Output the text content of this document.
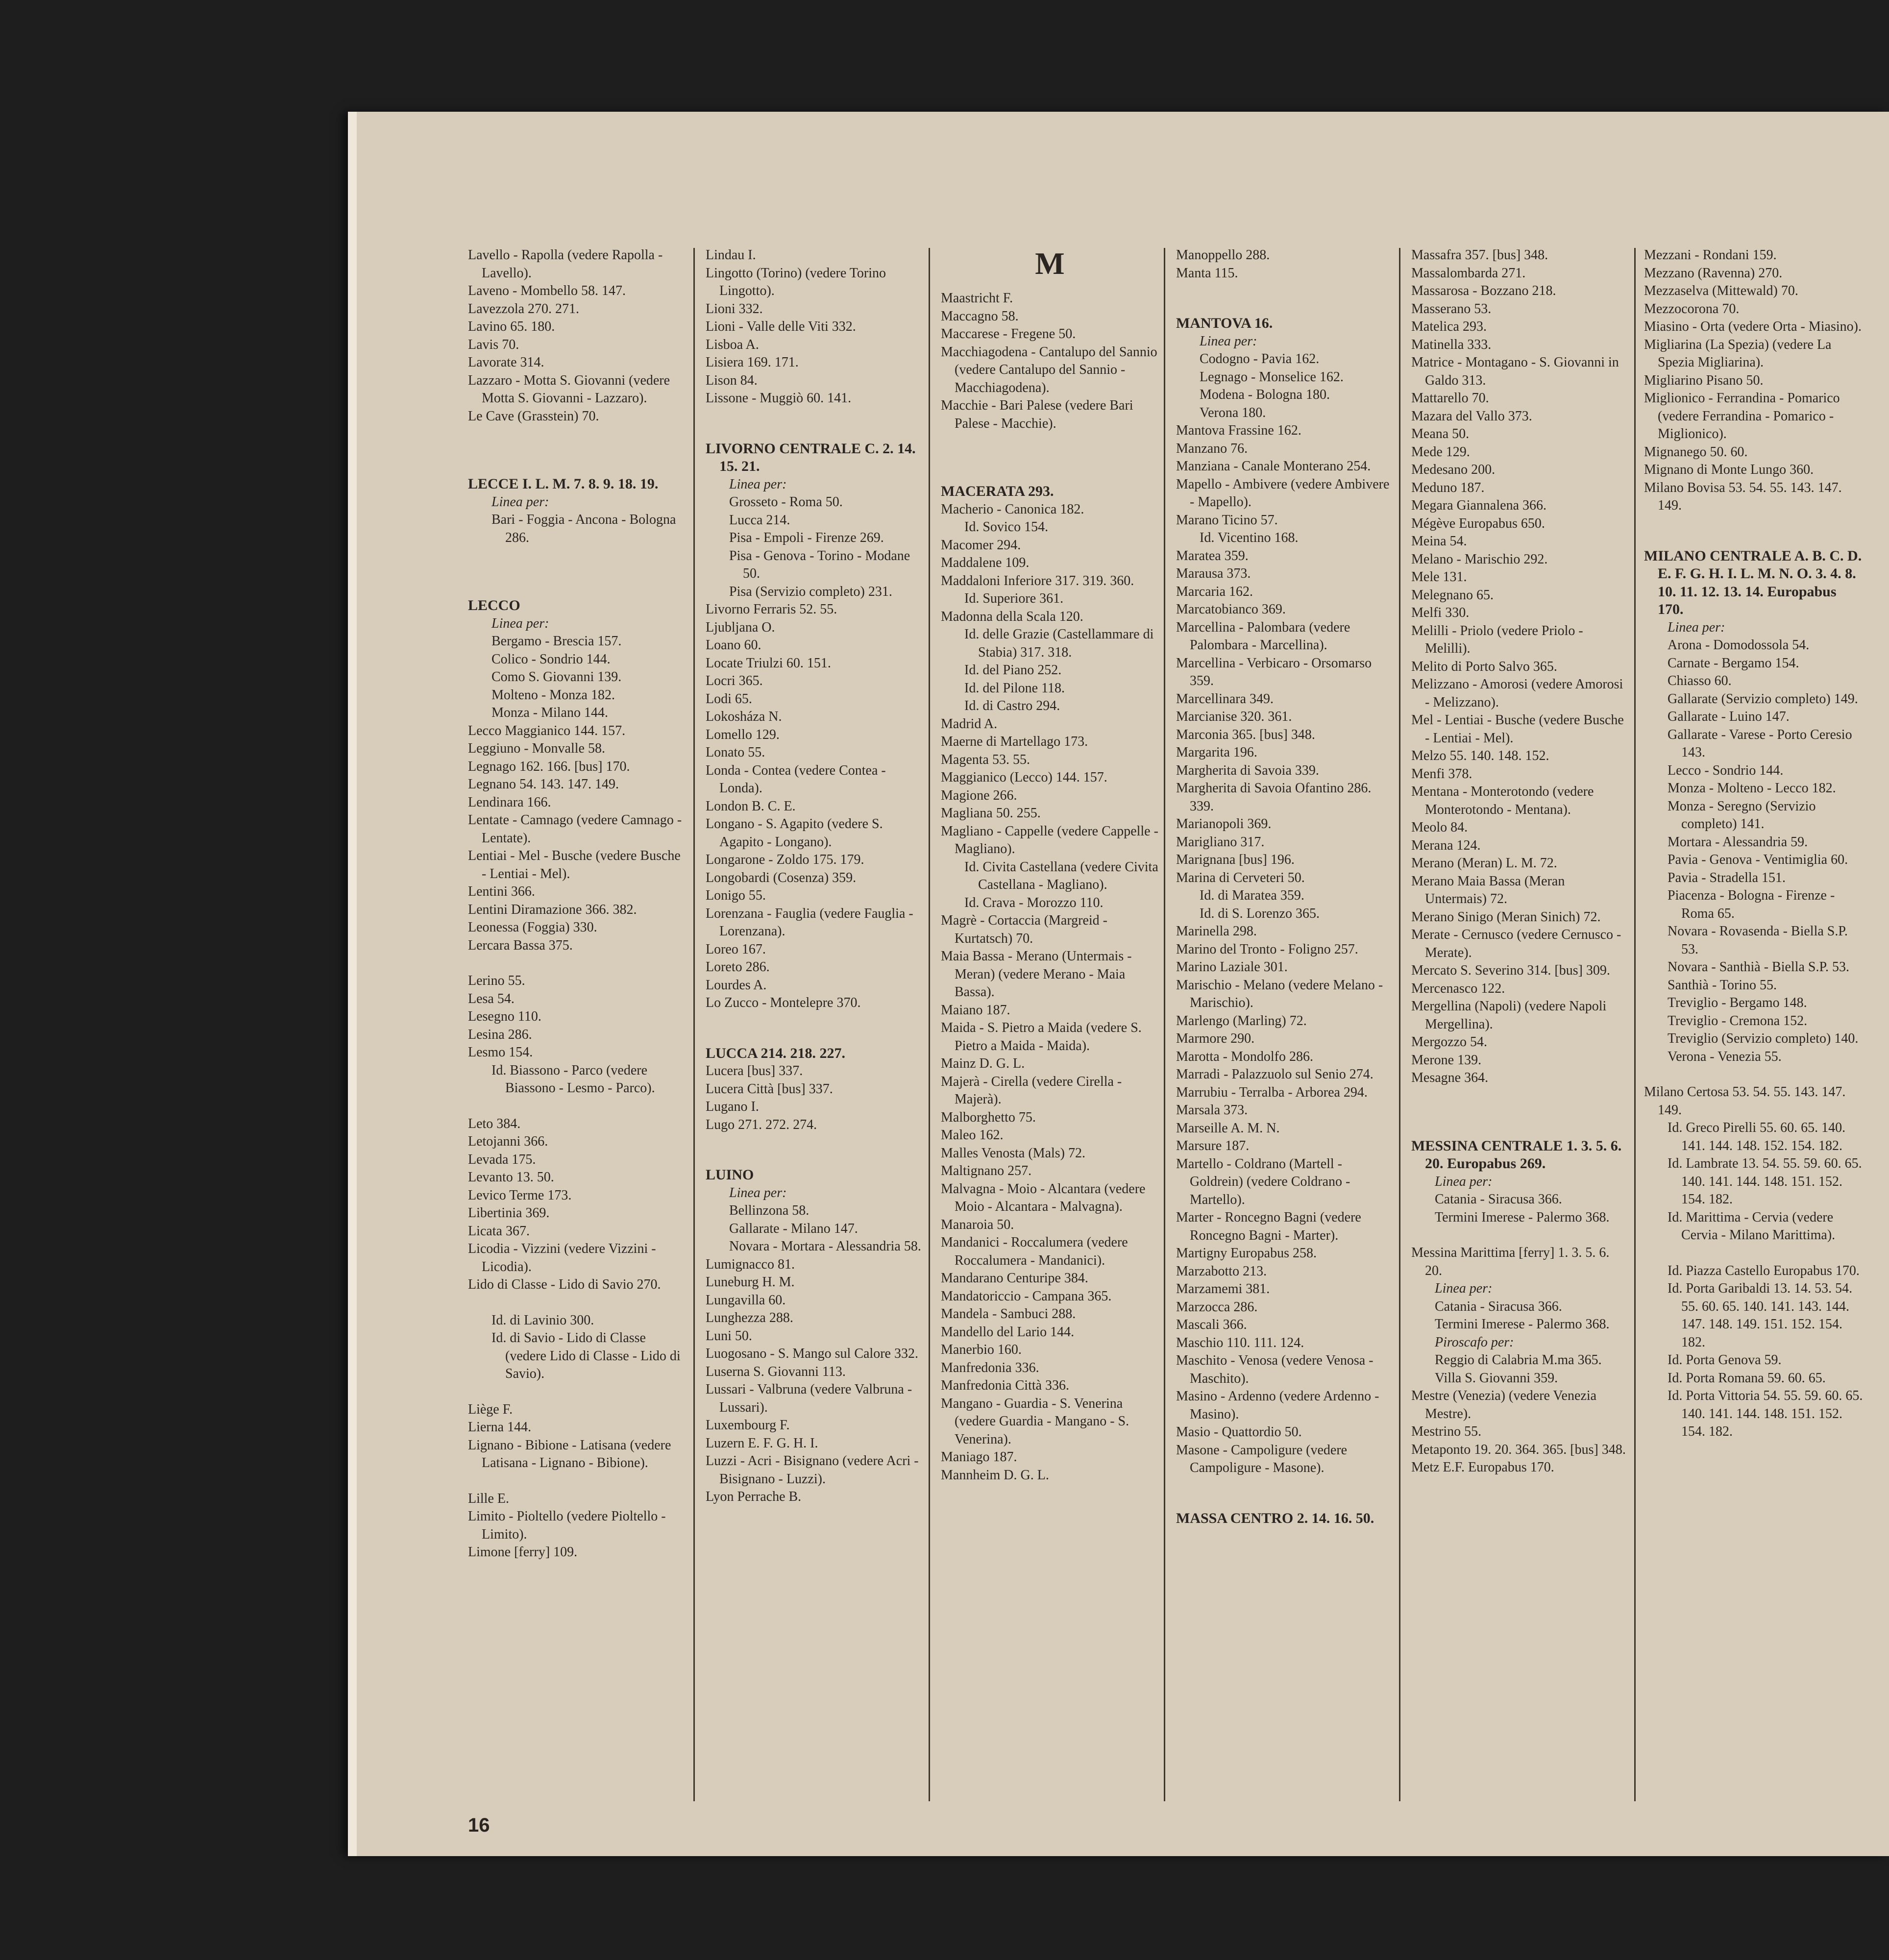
Lavello - Rapolla (vedere Rapolla - Lavello).
Laveno - Mombello 58. 147.
Lavezzola 270. 271.
Lavino 65. 180.
Lavis 70.
Lavorate 314.
Lazzaro - Motta S. Giovanni (vedere Motta S. Giovanni - Lazzaro).
Le Cave (Grasstein) 70.
LECCE I. L. M. 7. 8. 9. 18. 19.
Linea per:
Bari - Foggia - Ancona - Bologna 286.
LECCO
Linea per:
Bergamo - Brescia 157.
Colico - Sondrio 144.
Como S. Giovanni 139.
Molteno - Monza 182.
Monza - Milano 144.
Lecco Maggianico 144. 157.
Leggiuno - Monvalle 58.
Legnago 162. 166. [bus] 170.
Legnano 54. 143. 147. 149.
Lendinara 166.
Lentate - Camnago (vedere Camnago - Lentate).
Lentiai - Mel - Busche (vedere Busche - Lentiai - Mel).
Lentini 366.
Lentini Diramazione 366. 382.
Leonessa (Foggia) 330.
Lercara Bassa 375.
Lerino 55.
Lesa 54.
Lesegno 110.
Lesina 286.
Lesmo 154.
Id. Biassono - Parco (vedere Biassono - Lesmo - Parco).
Leto 384.
Letojanni 366.
Levada 175.
Levanto 13. 50.
Levico Terme 173.
Libertinia 369.
Licata 367.
Licodia - Vizzini (vedere Vizzini - Licodia).
Lido di Classe - Lido di Savio 270.
Id. di Lavinio 300.
Id. di Savio - Lido di Classe (vedere Lido di Classe - Lido di Savio).
Liège F.
Lierna 144.
Lignano - Bibione - Latisana (vedere Latisana - Lignano - Bibione).
Lille E.
Limito - Pioltello (vedere Pioltello - Limito).
Limone [ferry] 109.
Lindau I.
Lingotto (Torino) (vedere Torino Lingotto).
Lioni 332.
Lioni - Valle delle Viti 332.
Lisboa A.
Lisiera 169. 171.
Lison 84.
Lissone - Muggiò 60. 141.
LIVORNO CENTRALE C. 2. 14. 15. 21.
Linea per:
Grosseto - Roma 50.
Lucca 214.
Pisa - Empoli - Firenze 269.
Pisa - Genova - Torino - Modane 50.
Pisa (Servizio completo) 231.
Livorno Ferraris 52. 55.
Ljubljana O.
Loano 60.
Locate Triulzi 60. 151.
Locri 365.
Lodi 65.
Lokosháza N.
Lomello 129.
Lonato 55.
Londa - Contea (vedere Contea - Londa).
London B. C. E.
Longano - S. Agapito (vedere S. Agapito - Longano).
Longarone - Zoldo 175. 179.
Longobardi (Cosenza) 359.
Lonigo 55.
Lorenzana - Fauglia (vedere Fauglia - Lorenzana).
Loreo 167.
Loreto 286.
Lourdes A.
Lo Zucco - Montelepre 370.
LUCCA 214. 218. 227.
Lucera [bus] 337.
Lucera Città [bus] 337.
Lugano I.
Lugo 271. 272. 274.
LUINO
Linea per:
Bellinzona 58.
Gallarate - Milano 147.
Novara - Mortara - Alessandria 58.
Lumignacco 81.
Luneburg H. M.
Lungavilla 60.
Lunghezza 288.
Luni 50.
Luogosano - S. Mango sul Calore 332.
Luserna S. Giovanni 113.
Lussari - Valbruna (vedere Valbruna - Lussari).
Luxembourg F.
Luzern E. F. G. H. I.
Luzzi - Acri - Bisignano (vedere Acri - Bisignano - Luzzi).
Lyon Perrache B.
M
Maastricht F.
Maccagno 58.
Maccarese - Fregene 50.
Macchiagodena - Cantalupo del Sannio (vedere Cantalupo del Sannio - Macchiagodena).
Macchie - Bari Palese (vedere Bari Palese - Macchie).
MACERATA 293.
Macherio - Canonica 182.
Id. Sovico 154.
Macomer 294.
Maddalene 109.
Maddaloni Inferiore 317. 319. 360.
Id. Superiore 361.
Madonna della Scala 120.
Id. delle Grazie (Castellammare di Stabia) 317. 318.
Id. del Piano 252.
Id. del Pilone 118.
Id. di Castro 294.
Madrid A.
Maerne di Martellago 173.
Magenta 53. 55.
Maggianico (Lecco) 144. 157.
Magione 266.
Magliana 50. 255.
Magliano - Cappelle (vedere Cappelle - Magliano).
Id. Civita Castellana (vedere Civita Castellana - Magliano).
Id. Crava - Morozzo 110.
Magrè - Cortaccia (Margreid - Kurtatsch) 70.
Maia Bassa - Merano (Untermais - Meran) (vedere Merano - Maia Bassa).
Maiano 187.
Maida - S. Pietro a Maida (vedere S. Pietro a Maida - Maida).
Mainz D. G. L.
Majerà - Cirella (vedere Cirella - Majerà).
Malborghetto 75.
Maleo 162.
Malles Venosta (Mals) 72.
Maltignano 257.
Malvagna - Moio - Alcantara (vedere Moio - Alcantara - Malvagna).
Manaroia 50.
Mandanici - Roccalumera (vedere Roccalumera - Mandanici).
Mandarano Centuripe 384.
Mandatoriccio - Campana 365.
Mandela - Sambuci 288.
Mandello del Lario 144.
Manerbio 160.
Manfredonia 336.
Manfredonia Città 336.
Mangano - Guardia - S. Venerina (vedere Guardia - Mangano - S. Venerina).
Maniago 187.
Mannheim D. G. L.
Manoppello 288.
Manta 115.
MANTOVA 16.
Linea per:
Codogno - Pavia 162.
Legnago - Monselice 162.
Modena - Bologna 180.
Verona 180.
Mantova Frassine 162.
Manzano 76.
Manziana - Canale Monterano 254.
Mapello - Ambivere (vedere Ambivere - Mapello).
Marano Ticino 57.
Id. Vicentino 168.
Maratea 359.
Marausa 373.
Marcaria 162.
Marcatobianco 369.
Marcellina - Palombara (vedere Palombara - Marcellina).
Marcellina - Verbicaro - Orsomarso 359.
Marcellinara 349.
Marcianise 320. 361.
Marconia 365. [bus] 348.
Margarita 196.
Margherita di Savoia 339.
Margherita di Savoia Ofantino 286. 339.
Marianopoli 369.
Marigliano 317.
Marignana [bus] 196.
Marina di Cerveteri 50.
Id. di Maratea 359.
Id. di S. Lorenzo 365.
Marinella 298.
Marino del Tronto - Foligno 257.
Marino Laziale 301.
Marischio - Melano (vedere Melano - Marischio).
Marlengo (Marling) 72.
Marmore 290.
Marotta - Mondolfo 286.
Marradi - Palazzuolo sul Senio 274.
Marrubiu - Terralba - Arborea 294.
Marsala 373.
Marseille A. M. N.
Marsure 187.
Martello - Coldrano (Martell - Goldrein) (vedere Coldrano - Martello).
Marter - Roncegno Bagni (vedere Roncegno Bagni - Marter).
Martigny Europabus 258.
Marzabotto 213.
Marzamemi 381.
Marzocca 286.
Mascali 366.
Maschio 110. 111. 124.
Maschito - Venosa (vedere Venosa - Maschito).
Masino - Ardenno (vedere Ardenno - Masino).
Masio - Quattordio 50.
Masone - Campoligure (vedere Campoligure - Masone).
MASSA CENTRO 2. 14. 16. 50.
Massafra 357. [bus] 348.
Massalombarda 271.
Massarosa - Bozzano 218.
Masserano 53.
Matelica 293.
Matinella 333.
Matrice - Montagano - S. Giovanni in Galdo 313.
Mattarello 70.
Mazara del Vallo 373.
Meana 50.
Mede 129.
Medesano 200.
Meduno 187.
Megara Giannalena 366.
Mégève Europabus 650.
Meina 54.
Melano - Marischio 292.
Mele 131.
Melegnano 65.
Melfi 330.
Melilli - Priolo (vedere Priolo - Melilli).
Melito di Porto Salvo 365.
Melizzano - Amorosi (vedere Amorosi - Melizzano).
Mel - Lentiai - Busche (vedere Busche - Lentiai - Mel).
Melzo 55. 140. 148. 152.
Menfi 378.
Mentana - Monterotondo (vedere Monterotondo - Mentana).
Meolo 84.
Merana 124.
Merano (Meran) L. M. 72.
Merano Maia Bassa (Meran Untermais) 72.
Merano Sinigo (Meran Sinich) 72.
Merate - Cernusco (vedere Cernusco - Merate).
Mercato S. Severino 314. [bus] 309.
Mercenasco 122.
Mergellina (Napoli) (vedere Napoli Mergellina).
Mergozzo 54.
Merone 139.
Mesagne 364.
MESSINA CENTRALE 1. 3. 5. 6. 20. Europabus 269.
Linea per:
Catania - Siracusa 366.
Termini Imerese - Palermo 368.
Messina Marittima [ferry] 1. 3. 5. 6. 20.
Linea per:
Catania - Siracusa 366.
Termini Imerese - Palermo 368.
Piroscafo per:
Reggio di Calabria M.ma 365.
Villa S. Giovanni 359.
Mestre (Venezia) (vedere Venezia Mestre).
Mestrino 55.
Metaponto 19. 20. 364. 365. [bus] 348.
Metz E.F. Europabus 170.
Mezzani - Rondani 159.
Mezzano (Ravenna) 270.
Mezzaselva (Mittewald) 70.
Mezzocorona 70.
Miasino - Orta (vedere Orta - Miasino).
Migliarina (La Spezia) (vedere La Spezia Migliarina).
Migliarino Pisano 50.
Miglionico - Ferrandina - Pomarico (vedere Ferrandina - Pomarico - Miglionico).
Mignanego 50. 60.
Mignano di Monte Lungo 360.
Milano Bovisa 53. 54. 55. 143. 147. 149.
MILANO CENTRALE A. B. C. D. E. F. G. H. I. L. M. N. O. 3. 4. 8. 10. 11. 12. 13. 14. Europabus 170.
Linea per:
Arona - Domodossola 54.
Carnate - Bergamo 154.
Chiasso 60.
Gallarate (Servizio completo) 149.
Gallarate - Luino 147.
Gallarate - Varese - Porto Ceresio 143.
Lecco - Sondrio 144.
Monza - Molteno - Lecco 182.
Monza - Seregno (Servizio completo) 141.
Mortara - Alessandria 59.
Pavia - Genova - Ventimiglia 60.
Pavia - Stradella 151.
Piacenza - Bologna - Firenze - Roma 65.
Novara - Rovasenda - Biella S.P. 53.
Novara - Santhià - Biella S.P. 53.
Santhià - Torino 55.
Treviglio - Bergamo 148.
Treviglio - Cremona 152.
Treviglio (Servizio completo) 140.
Verona - Venezia 55.
Milano Certosa 53. 54. 55. 143. 147. 149.
Id. Greco Pirelli 55. 60. 65. 140. 141. 144. 148. 152. 154. 182.
Id. Lambrate 13. 54. 55. 59. 60. 65. 140. 141. 144. 148. 151. 152. 154. 182.
Id. Marittima - Cervia (vedere Cervia - Milano Marittima).
Id. Piazza Castello Europabus 170.
Id. Porta Garibaldi 13. 14. 53. 54. 55. 60. 65. 140. 141. 143. 144. 147. 148. 149. 151. 152. 154. 182.
Id. Porta Genova 59.
Id. Porta Romana 59. 60. 65.
Id. Porta Vittoria 54. 55. 59. 60. 65. 140. 141. 144. 148. 151. 152. 154. 182.
16
